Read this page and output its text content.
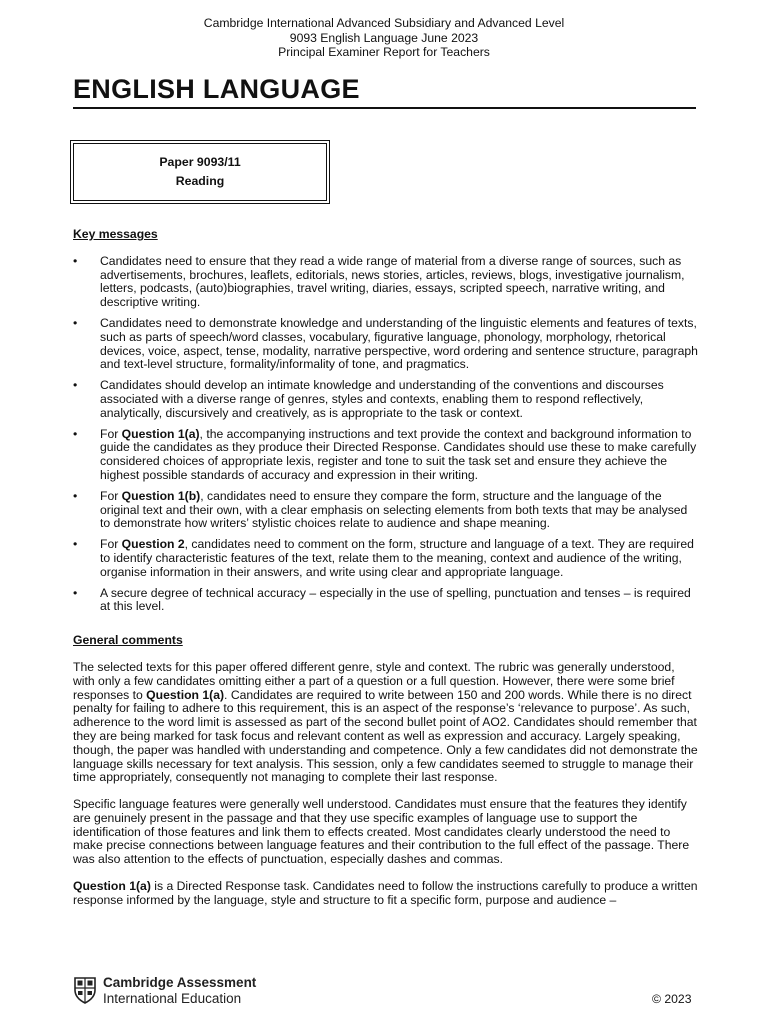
Cambridge International Advanced Subsidiary and Advanced Level
9093 English Language June 2023
Principal Examiner Report for Teachers
ENGLISH LANGUAGE
Paper 9093/11
Reading
Key messages
• Candidates need to ensure that they read a wide range of material from a diverse range of sources, such as advertisements, brochures, leaflets, editorials, news stories, articles, reviews, blogs, investigative journalism, letters, podcasts, (auto)biographies, travel writing, diaries, essays, scripted speech, narrative writing, and descriptive writing.
• Candidates need to demonstrate knowledge and understanding of the linguistic elements and features of texts, such as parts of speech/word classes, vocabulary, figurative language, phonology, morphology, rhetorical devices, voice, aspect, tense, modality, narrative perspective, word ordering and sentence structure, paragraph and text-level structure, formality/informality of tone, and pragmatics.
• Candidates should develop an intimate knowledge and understanding of the conventions and discourses associated with a diverse range of genres, styles and contexts, enabling them to respond reflectively, analytically, discursively and creatively, as is appropriate to the task or context.
• For Question 1(a), the accompanying instructions and text provide the context and background information to guide the candidates as they produce their Directed Response. Candidates should use these to make carefully considered choices of appropriate lexis, register and tone to suit the task set and ensure they achieve the highest possible standards of accuracy and expression in their writing.
• For Question 1(b), candidates need to ensure they compare the form, structure and the language of the original text and their own, with a clear emphasis on selecting elements from both texts that may be analysed to demonstrate how writers’ stylistic choices relate to audience and shape meaning.
• For Question 2, candidates need to comment on the form, structure and language of a text. They are required to identify characteristic features of the text, relate them to the meaning, context and audience of the writing, organise information in their answers, and write using clear and appropriate language.
• A secure degree of technical accuracy – especially in the use of spelling, punctuation and tenses – is required at this level.
General comments

The selected texts for this paper offered different genre, style and context. The rubric was generally understood, with only a few candidates omitting either a part of a question or a full question. However, there were some brief responses to Question 1(a). Candidates are required to write between 150 and 200 words. While there is no direct penalty for failing to adhere to this requirement, this is an aspect of the response’s ‘relevance to purpose’. As such, adherence to the word limit is assessed as part of the second bullet point of AO2. Candidates should remember that they are being marked for task focus and relevant content as well as expression and accuracy. Largely speaking, though, the paper was handled with understanding and competence. Only a few candidates did not demonstrate the language skills necessary for text analysis. This session, only a few candidates seemed to struggle to manage their time appropriately, consequently not managing to complete their last response.

Specific language features were generally well understood. Candidates must ensure that the features they identify are genuinely present in the passage and that they use specific examples of language use to support the identification of those features and link them to effects created. Most candidates clearly understood the need to make precise connections between language features and their contribution to the full effect of the passage. There was also attention to the effects of punctuation, especially dashes and commas.

Question 1(a) is a Directed Response task. Candidates need to follow the instructions carefully to produce a written response informed by the language, style and structure to fit a specific form, purpose and audience –

Cambridge Assessment
International Education	© 2023
